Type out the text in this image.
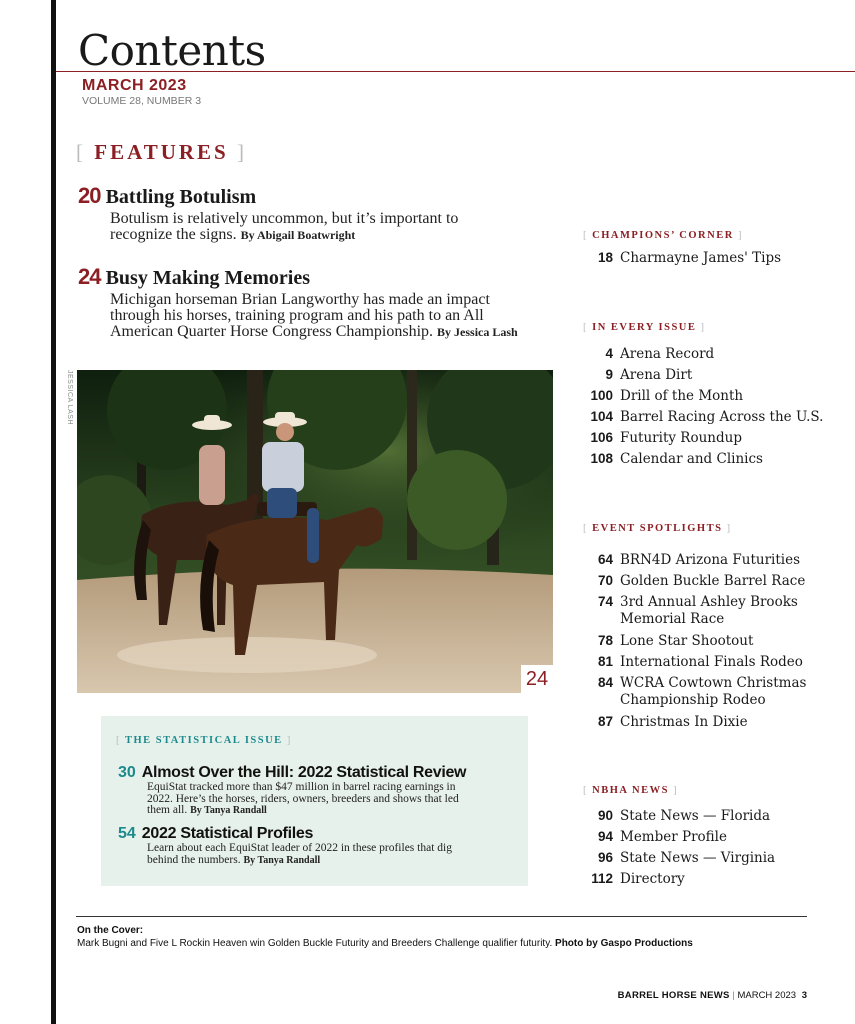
Contents
MARCH 2023
VOLUME 28, NUMBER 3
[ FEATURES ]
20 Battling Botulism
Botulism is relatively uncommon, but it’s important to
recognize the signs. By Abigail Boatwright
24 Busy Making Memories
Michigan horseman Brian Langworthy has made an impact
through his horses, training program and his path to an All
American Quarter Horse Congress Championship. By Jessica Lash
JESSICA LASH
24
[ THE STATISTICAL ISSUE ]
30 Almost Over the Hill: 2022 Statistical Review
EquiStat tracked more than $47 million in barrel racing earnings in
2022. Here’s the horses, riders, owners, breeders and shows that led
them all. By Tanya Randall
54 2022 Statistical Profiles
Learn about each EquiStat leader of 2022 in these profiles that dig
behind the numbers. By Tanya Randall
[ CHAMPIONS’ CORNER ]
18 Charmayne James' Tips
[ IN EVERY ISSUE ]
4 Arena Record
9 Arena Dirt
100 Drill of the Month
104 Barrel Racing Across the U.S.
106 Futurity Roundup
108 Calendar and Clinics
[ EVENT SPOTLIGHTS ]
64 BRN4D Arizona Futurities
70 Golden Buckle Barrel Race
74 3rd Annual Ashley Brooks Memorial Race
78 Lone Star Shootout
81 International Finals Rodeo
84 WCRA Cowtown Christmas Championship Rodeo
87 Christmas In Dixie
[ NBHA NEWS ]
90 State News — Florida
94 Member Profile
96 State News — Virginia
112 Directory
On the Cover:
Mark Bugni and Five L Rockin Heaven win Golden Buckle Futurity and Breeders Challenge qualifier futurity. Photo by Gaspo Productions
BARREL HORSE NEWS | MARCH 2023 3
